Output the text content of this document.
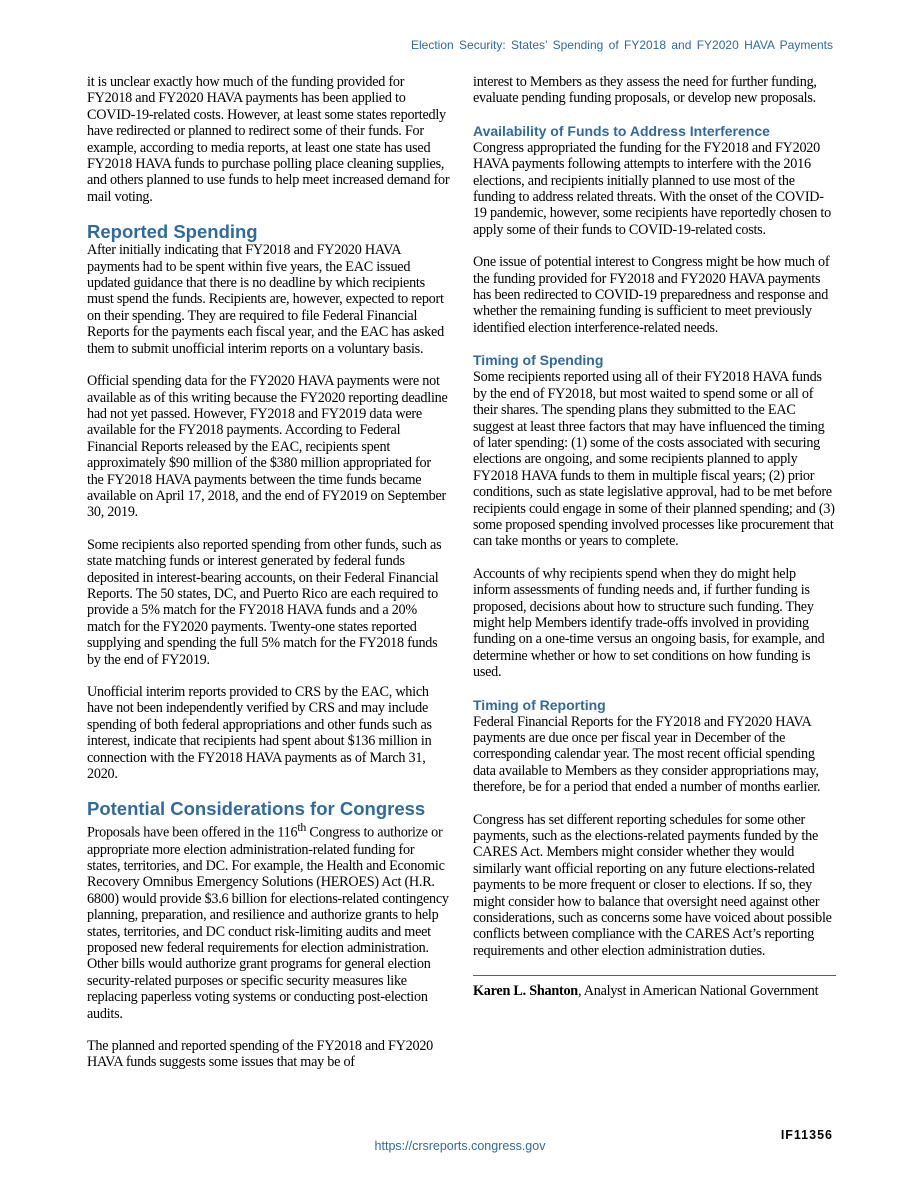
Election Security: States’ Spending of FY2018 and FY2020 HAVA Payments

it is unclear exactly how much of the funding provided for FY2018 and FY2020 HAVA payments has been applied to COVID-19-related costs. However, at least some states reportedly have redirected or planned to redirect some of their funds. For example, according to media reports, at least one state has used FY2018 HAVA funds to purchase polling place cleaning supplies, and others planned to use funds to help meet increased demand for mail voting.

Reported Spending

After initially indicating that FY2018 and FY2020 HAVA payments had to be spent within five years, the EAC issued updated guidance that there is no deadline by which recipients must spend the funds. Recipients are, however, expected to report on their spending. They are required to file Federal Financial Reports for the payments each fiscal year, and the EAC has asked them to submit unofficial interim reports on a voluntary basis.

Official spending data for the FY2020 HAVA payments were not available as of this writing because the FY2020 reporting deadline had not yet passed. However, FY2018 and FY2019 data were available for the FY2018 payments. According to Federal Financial Reports released by the EAC, recipients spent approximately $90 million of the $380 million appropriated for the FY2018 HAVA payments between the time funds became available on April 17, 2018, and the end of FY2019 on September 30, 2019.

Some recipients also reported spending from other funds, such as state matching funds or interest generated by federal funds deposited in interest-bearing accounts, on their Federal Financial Reports. The 50 states, DC, and Puerto Rico are each required to provide a 5% match for the FY2018 HAVA funds and a 20% match for the FY2020 payments. Twenty-one states reported supplying and spending the full 5% match for the FY2018 funds by the end of FY2019.

Unofficial interim reports provided to CRS by the EAC, which have not been independently verified by CRS and may include spending of both federal appropriations and other funds such as interest, indicate that recipients had spent about $136 million in connection with the FY2018 HAVA payments as of March 31, 2020.

Potential Considerations for Congress

Proposals have been offered in the 116th Congress to authorize or appropriate more election administration-related funding for states, territories, and DC. For example, the Health and Economic Recovery Omnibus Emergency Solutions (HEROES) Act (H.R. 6800) would provide $3.6 billion for elections-related contingency planning, preparation, and resilience and authorize grants to help states, territories, and DC conduct risk-limiting audits and meet proposed new federal requirements for election administration. Other bills would authorize grant programs for general election security-related purposes or specific security measures like replacing paperless voting systems or conducting post-election audits.

The planned and reported spending of the FY2018 and FY2020 HAVA funds suggests some issues that may be of

interest to Members as they assess the need for further funding, evaluate pending funding proposals, or develop new proposals.

Availability of Funds to Address Interference

Congress appropriated the funding for the FY2018 and FY2020 HAVA payments following attempts to interfere with the 2016 elections, and recipients initially planned to use most of the funding to address related threats. With the onset of the COVID-19 pandemic, however, some recipients have reportedly chosen to apply some of their funds to COVID-19-related costs.

One issue of potential interest to Congress might be how much of the funding provided for FY2018 and FY2020 HAVA payments has been redirected to COVID-19 preparedness and response and whether the remaining funding is sufficient to meet previously identified election interference-related needs.

Timing of Spending

Some recipients reported using all of their FY2018 HAVA funds by the end of FY2018, but most waited to spend some or all of their shares. The spending plans they submitted to the EAC suggest at least three factors that may have influenced the timing of later spending: (1) some of the costs associated with securing elections are ongoing, and some recipients planned to apply FY2018 HAVA funds to them in multiple fiscal years; (2) prior conditions, such as state legislative approval, had to be met before recipients could engage in some of their planned spending; and (3) some proposed spending involved processes like procurement that can take months or years to complete.

Accounts of why recipients spend when they do might help inform assessments of funding needs and, if further funding is proposed, decisions about how to structure such funding. They might help Members identify trade-offs involved in providing funding on a one-time versus an ongoing basis, for example, and determine whether or how to set conditions on how funding is used.

Timing of Reporting

Federal Financial Reports for the FY2018 and FY2020 HAVA payments are due once per fiscal year in December of the corresponding calendar year. The most recent official spending data available to Members as they consider appropriations may, therefore, be for a period that ended a number of months earlier.

Congress has set different reporting schedules for some other payments, such as the elections-related payments funded by the CARES Act. Members might consider whether they would similarly want official reporting on any future elections-related payments to be more frequent or closer to elections. If so, they might consider how to balance that oversight need against other considerations, such as concerns some have voiced about possible conflicts between compliance with the CARES Act’s reporting requirements and other election administration duties.

Karen L. Shanton, Analyst in American National Government

IF11356
https://crsreports.congress.gov
